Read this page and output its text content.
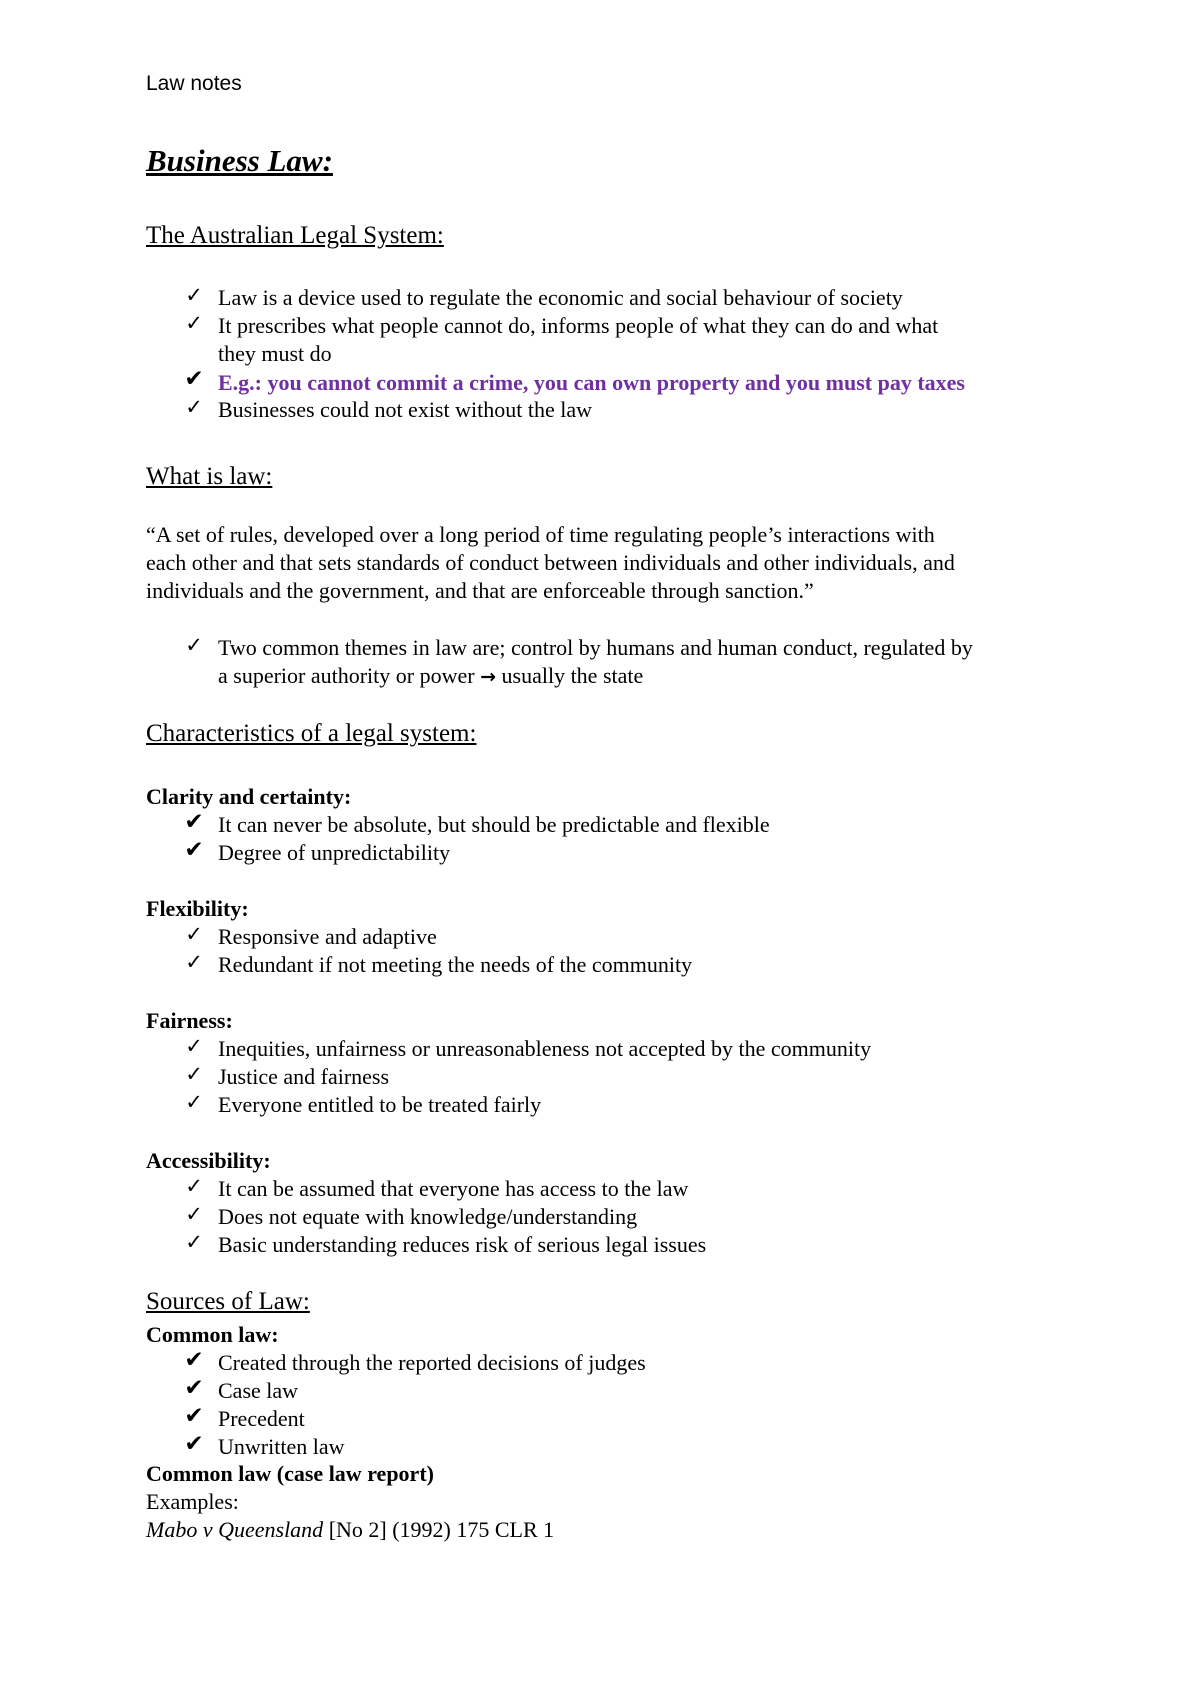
Law notes
Business Law:
The Australian Legal System:
✓ Law is a device used to regulate the economic and social behaviour of society
✓ It prescribes what people cannot do, informs people of what they can do and what
they must do
✔ E.g.: you cannot commit a crime, you can own property and you must pay taxes
✓ Businesses could not exist without the law
What is law:
“A set of rules, developed over a long period of time regulating people’s interactions with
each other and that sets standards of conduct between individuals and other individuals, and
individuals and the government, and that are enforceable through sanction.”
✓ Two common themes in law are; control by humans and human conduct, regulated by
a superior authority or power → usually the state
Characteristics of a legal system:
Clarity and certainty:
✔ It can never be absolute, but should be predictable and flexible
✔ Degree of unpredictability
Flexibility:
✓ Responsive and adaptive
✓ Redundant if not meeting the needs of the community
Fairness:
✓ Inequities, unfairness or unreasonableness not accepted by the community
✓ Justice and fairness
✓ Everyone entitled to be treated fairly
Accessibility:
✓ It can be assumed that everyone has access to the law
✓ Does not equate with knowledge/understanding
✓ Basic understanding reduces risk of serious legal issues
Sources of Law:
Common law:
✔ Created through the reported decisions of judges
✔ Case law
✔ Precedent
✔ Unwritten law
Common law (case law report)
Examples:
Mabo v Queensland [No 2] (1992) 175 CLR 1
